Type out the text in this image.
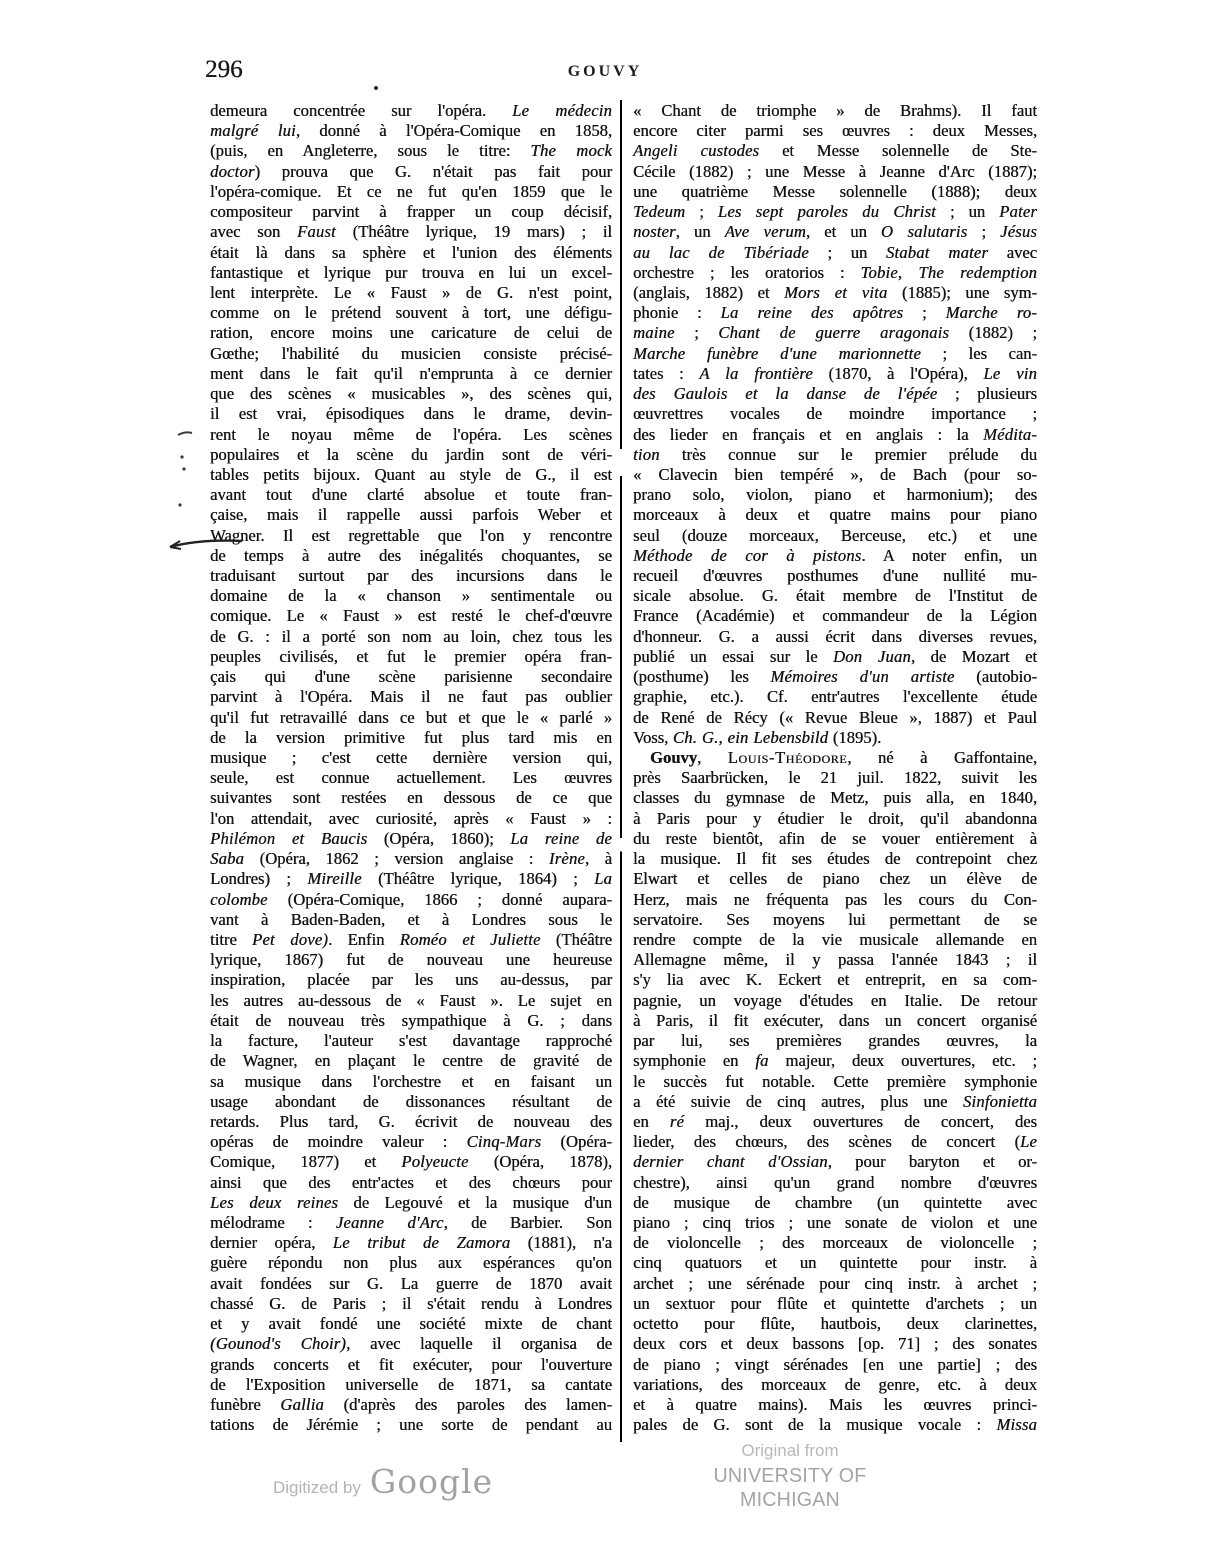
296	GOUVY
demeura concentrée sur l'opéra. Le médecin
malgré lui, donné à l'Opéra-Comique en 1858,
(puis, en Angleterre, sous le titre: The mock
doctor) prouva que G. n'était pas fait pour
l'opéra-comique. Et ce ne fut qu'en 1859 que le
compositeur parvint à frapper un coup décisif,
avec son Faust (Théâtre lyrique, 19 mars) ; il
était là dans sa sphère et l'union des éléments
fantastique et lyrique pur trouva en lui un excel-
lent interprète. Le « Faust » de G. n'est point,
comme on le prétend souvent à tort, une défigu-
ration, encore moins une caricature de celui de
Gœthe; l'habilité du musicien consiste précisé-
ment dans le fait qu'il n'emprunta à ce dernier
que des scènes « musicables », des scènes qui,
il est vrai, épisodiques dans le drame, devin-
rent le noyau même de l'opéra. Les scènes
populaires et la scène du jardin sont de véri-
tables petits bijoux. Quant au style de G., il est
avant tout d'une clarté absolue et toute fran-
çaise, mais il rappelle aussi parfois Weber et
Wagner. Il est regrettable que l'on y rencontre
de temps à autre des inégalités choquantes, se
traduisant surtout par des incursions dans le
domaine de la « chanson » sentimentale ou
comique. Le « Faust » est resté le chef-d'œuvre
de G. : il a porté son nom au loin, chez tous les
peuples civilisés, et fut le premier opéra fran-
çais qui d'une scène parisienne secondaire
parvint à l'Opéra. Mais il ne faut pas oublier
qu'il fut retravaillé dans ce but et que le « parlé »
de la version primitive fut plus tard mis en
musique ; c'est cette dernière version qui,
seule, est connue actuellement. Les œuvres
suivantes sont restées en dessous de ce que
l'on attendait, avec curiosité, après « Faust » :
Philémon et Baucis (Opéra, 1860); La reine de
Saba (Opéra, 1862 ; version anglaise : Irène, à
Londres) ; Mireille (Théâtre lyrique, 1864) ; La
colombe (Opéra-Comique, 1866 ; donné aupara-
vant à Baden-Baden, et à Londres sous le
titre Pet dove). Enfin Roméo et Juliette (Théâtre
lyrique, 1867) fut de nouveau une heureuse
inspiration, placée par les uns au-dessus, par
les autres au-dessous de « Faust ». Le sujet en
était de nouveau très sympathique à G. ; dans
la facture, l'auteur s'est davantage rapproché
de Wagner, en plaçant le centre de gravité de
sa musique dans l'orchestre et en faisant un
usage abondant de dissonances résultant de
retards. Plus tard, G. écrivit de nouveau des
opéras de moindre valeur : Cinq-Mars (Opéra-
Comique, 1877) et Polyeucte (Opéra, 1878),
ainsi que des entr'actes et des chœurs pour
Les deux reines de Legouvé et la musique d'un
mélodrame : Jeanne d'Arc, de Barbier. Son
dernier opéra, Le tribut de Zamora (1881), n'a
guère répondu non plus aux espérances qu'on
avait fondées sur G. La guerre de 1870 avait
chassé G. de Paris ; il s'était rendu à Londres
et y avait fondé une société mixte de chant
(Gounod's Choir), avec laquelle il organisa de
grands concerts et fit exécuter, pour l'ouverture
de l'Exposition universelle de 1871, sa cantate
funèbre Gallia (d'après des paroles des lamen-
tations de Jérémie ; une sorte de pendant au
« Chant de triomphe » de Brahms). Il faut
encore citer parmi ses œuvres : deux Messes,
Angeli custodes et Messe solennelle de Ste-
Cécile (1882) ; une Messe à Jeanne d'Arc (1887);
une quatrième Messe solennelle (1888); deux
Tedeum ; Les sept paroles du Christ ; un Pater
noster, un Ave verum, et un O salutaris ; Jésus
au lac de Tibériade ; un Stabat mater avec
orchestre ; les oratorios : Tobie, The redemption
(anglais, 1882) et Mors et vita (1885); une sym-
phonie : La reine des apôtres ; Marche ro-
maine ; Chant de guerre aragonais (1882) ;
Marche funèbre d'une marionnette ; les can-
tates : A la frontière (1870, à l'Opéra), Le vin
des Gaulois et la danse de l'épée ; plusieurs
œuvrettres vocales de moindre importance ;
des lieder en français et en anglais : la Médita-
tion très connue sur le premier prélude du
« Clavecin bien tempéré », de Bach (pour so-
prano solo, violon, piano et harmonium); des
morceaux à deux et quatre mains pour piano
seul (douze morceaux, Berceuse, etc.) et une
Méthode de cor à pistons. A noter enfin, un
recueil d'œuvres posthumes d'une nullité mu-
sicale absolue. G. était membre de l'Institut de
France (Académie) et commandeur de la Légion
d'honneur. G. a aussi écrit dans diverses revues,
publié un essai sur le Don Juan, de Mozart et
(posthume) les Mémoires d'un artiste (autobio-
graphie, etc.). Cf. entr'autres l'excellente étude
de René de Récy (« Revue Bleue », 1887) et Paul
Voss, Ch. G., ein Lebensbild (1895).
Gouvy, Louis-Théodore, né à Gaffontaine,
près Saarbrücken, le 21 juil. 1822, suivit les
classes du gymnase de Metz, puis alla, en 1840,
à Paris pour y étudier le droit, qu'il abandonna
du reste bientôt, afin de se vouer entièrement à
la musique. Il fit ses études de contrepoint chez
Elwart et celles de piano chez un élève de
Herz, mais ne fréquenta pas les cours du Con-
servatoire. Ses moyens lui permettant de se
rendre compte de la vie musicale allemande en
Allemagne même, il y passa l'année 1843 ; il
s'y lia avec K. Eckert et entreprit, en sa com-
pagnie, un voyage d'études en Italie. De retour
à Paris, il fit exécuter, dans un concert organisé
par lui, ses premières grandes œuvres, la
symphonie en fa majeur, deux ouvertures, etc. ;
le succès fut notable. Cette première symphonie
a été suivie de cinq autres, plus une Sinfonietta
en ré maj., deux ouvertures de concert, des
lieder, des chœurs, des scènes de concert (Le
dernier chant d'Ossian, pour baryton et or-
chestre), ainsi qu'un grand nombre d'œuvres
de musique de chambre (un quintette avec
piano ; cinq trios ; une sonate de violon et une
de violoncelle ; des morceaux de violoncelle ;
cinq quatuors et un quintette pour instr. à
archet ; une sérénade pour cinq instr. à archet ;
un sextuor pour flûte et quintette d'archets ; un
octetto pour flûte, hautbois, deux clarinettes,
deux cors et deux bassons [op. 71] ; des sonates
de piano ; vingt sérénades [en une partie] ; des
variations, des morceaux de genre, etc. à deux
et à quatre mains). Mais les œuvres princi-
pales de G. sont de la musique vocale : Missa
Digitized by Google
Original from
UNIVERSITY OF MICHIGAN
